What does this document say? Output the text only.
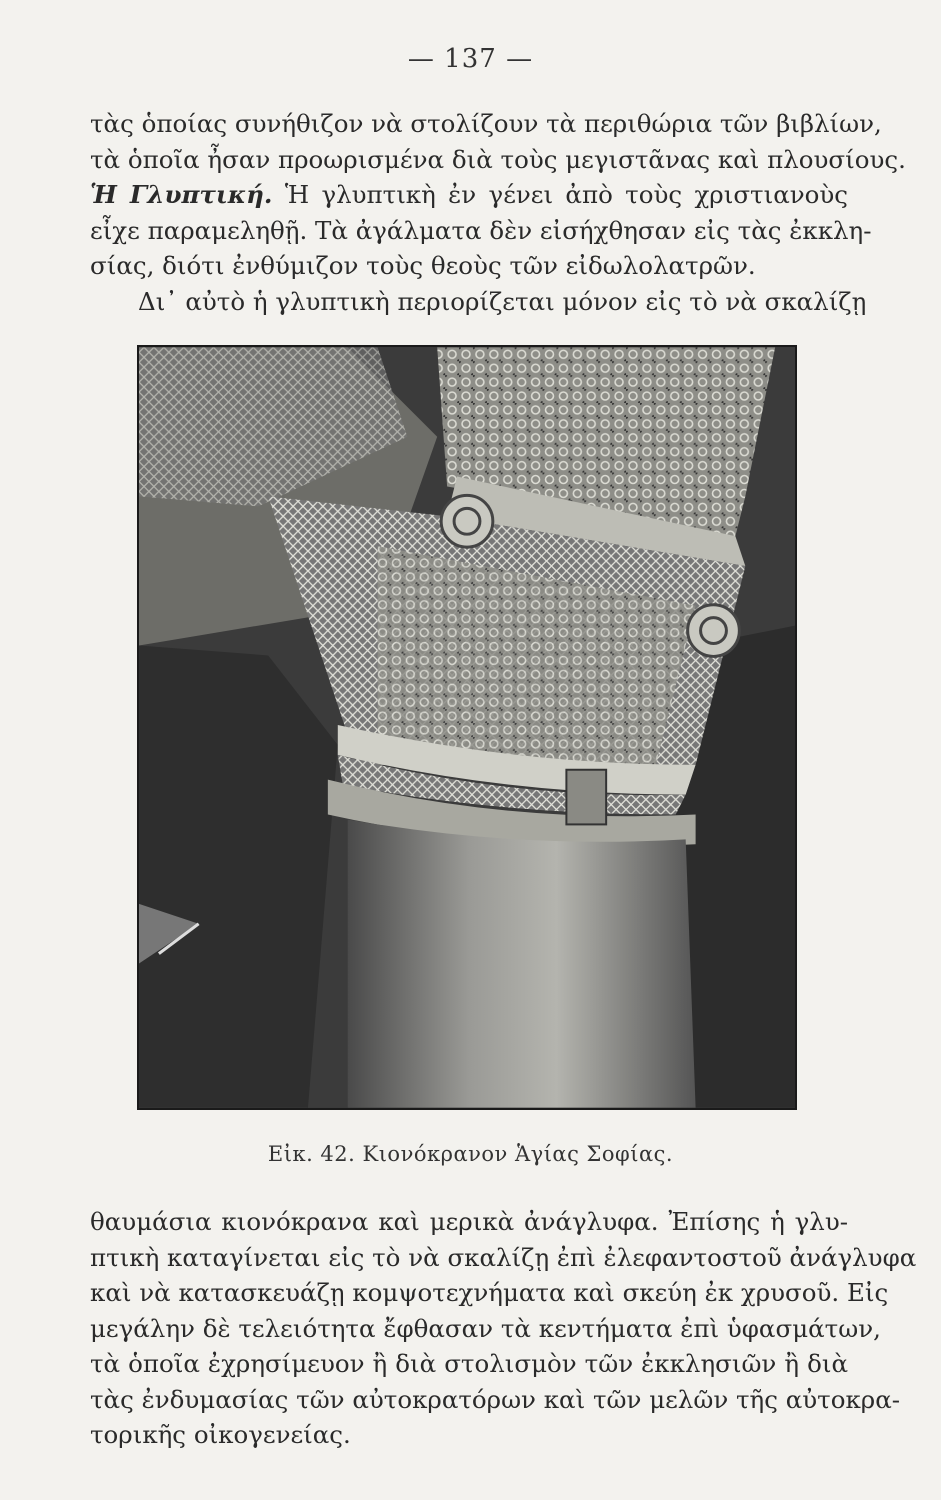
— 137 —
τὰς ὁποίας συνήθιζον νὰ στολίζουν τὰ περιθώρια τῶν βιβλίων,
τὰ ὁποῖα ἦσαν προωρισμένα διὰ τοὺς μεγιστᾶνας καὶ πλουσίους.
Ἡ Γλυπτική. Ἡ γλυπτικὴ ἐν γένει ἀπὸ τοὺς χριστιανοὺς
εἶχε παραμεληθῇ. Τὰ ἀγάλματα δὲν εἰσήχθησαν εἰς τὰς ἐκκλη-
σίας, διότι ἐνθύμιζον τοὺς θεοὺς τῶν εἰδωλολατρῶν.
Δι᾽ αὐτὸ ἡ γλυπτικὴ περιορίζεται μόνον εἰς τὸ νὰ σκαλίζῃ
Εἰκ. 42. Κιονόκρανον Ἁγίας Σοφίας.
θαυμάσια κιονόκρανα καὶ μερικὰ ἀνάγλυφα. Ἐπίσης ἡ γλυ-
πτικὴ καταγίνεται εἰς τὸ νὰ σκαλίζῃ ἐπὶ ἐλεφαντοστοῦ ἀνάγλυφα
καὶ νὰ κατασκευάζῃ κομψοτεχνήματα καὶ σκεύη ἐκ χρυσοῦ. Εἰς
μεγάλην δὲ τελειότητα ἔφθασαν τὰ κεντήματα ἐπὶ ὑφασμάτων,
τὰ ὁποῖα ἐχρησίμευον ἢ διὰ στολισμὸν τῶν ἐκκλησιῶν ἢ διὰ
τὰς ἐνδυμασίας τῶν αὐτοκρατόρων καὶ τῶν μελῶν τῆς αὐτοκρα-
τορικῆς οἰκογενείας.
